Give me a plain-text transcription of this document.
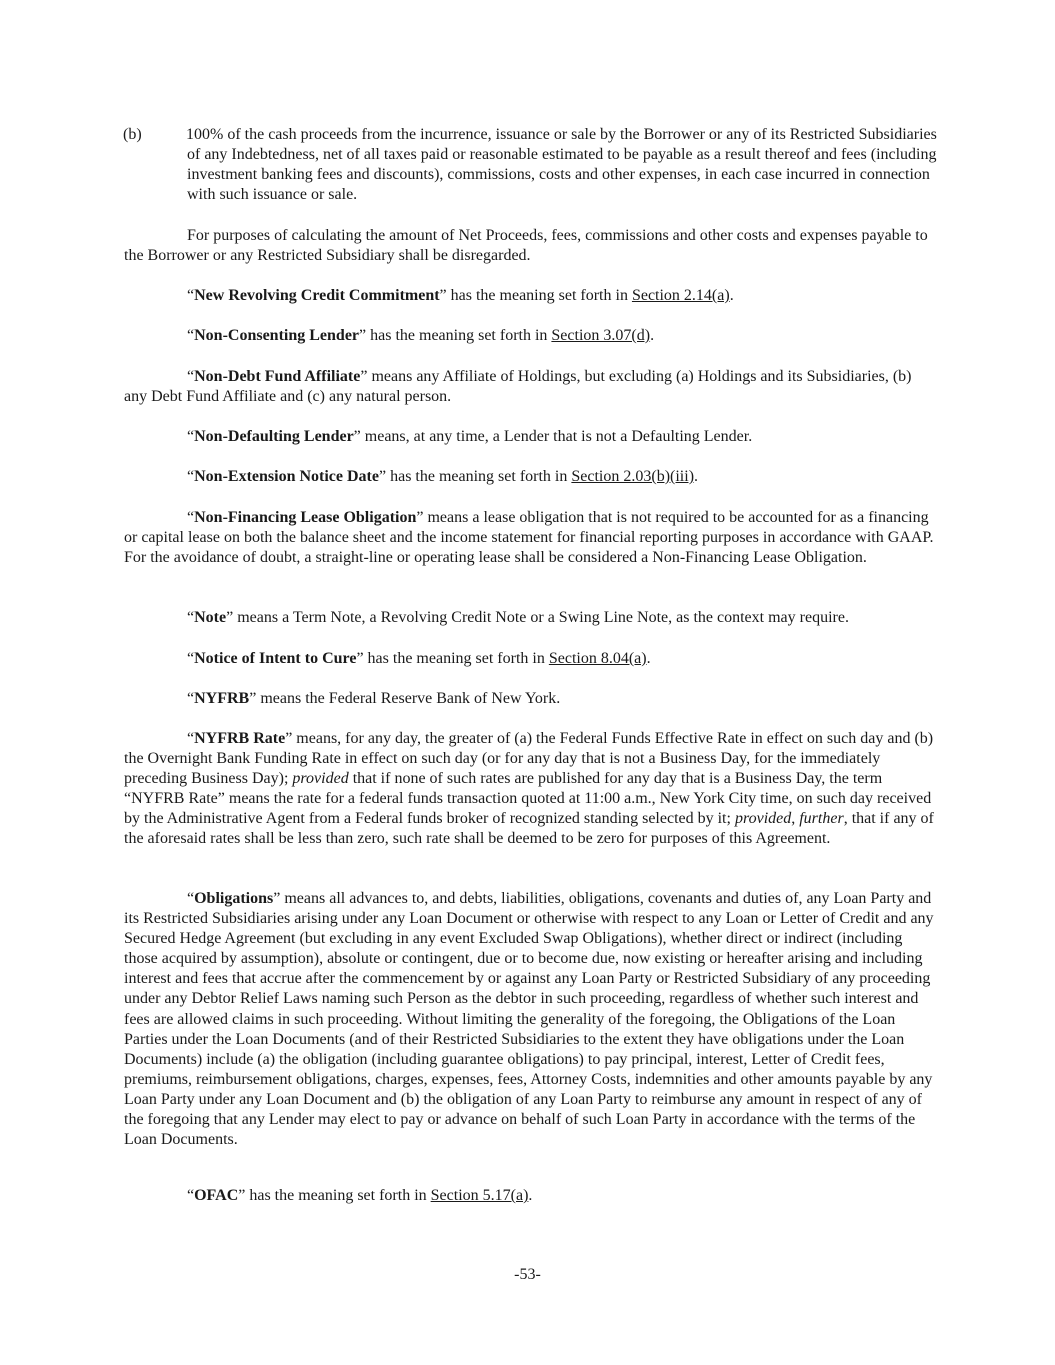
(b)	100% of the cash proceeds from the incurrence, issuance or sale by the Borrower or any of its Restricted Subsidiaries of any Indebtedness, net of all taxes paid or reasonable estimated to be payable as a result thereof and fees (including investment banking fees and discounts), commissions, costs and other expenses, in each case incurred in connection with such issuance or sale.

For purposes of calculating the amount of Net Proceeds, fees, commissions and other costs and expenses payable to the Borrower or any Restricted Subsidiary shall be disregarded.

“New Revolving Credit Commitment” has the meaning set forth in Section 2.14(a).

“Non-Consenting Lender” has the meaning set forth in Section 3.07(d).

“Non-Debt Fund Affiliate” means any Affiliate of Holdings, but excluding (a) Holdings and its Subsidiaries, (b) any Debt Fund Affiliate and (c) any natural person.

“Non-Defaulting Lender” means, at any time, a Lender that is not a Defaulting Lender.

“Non-Extension Notice Date” has the meaning set forth in Section 2.03(b)(iii).

“Non-Financing Lease Obligation” means a lease obligation that is not required to be accounted for as a financing or capital lease on both the balance sheet and the income statement for financial reporting purposes in accordance with GAAP. For the avoidance of doubt, a straight-line or operating lease shall be considered a Non-Financing Lease Obligation.

“Note” means a Term Note, a Revolving Credit Note or a Swing Line Note, as the context may require.

“Notice of Intent to Cure” has the meaning set forth in Section 8.04(a).

“NYFRB” means the Federal Reserve Bank of New York.

“NYFRB Rate” means, for any day, the greater of (a) the Federal Funds Effective Rate in effect on such day and (b) the Overnight Bank Funding Rate in effect on such day (or for any day that is not a Business Day, for the immediately preceding Business Day); provided that if none of such rates are published for any day that is a Business Day, the term “NYFRB Rate” means the rate for a federal funds transaction quoted at 11:00 a.m., New York City time, on such day received by the Administrative Agent from a Federal funds broker of recognized standing selected by it; provided, further, that if any of the aforesaid rates shall be less than zero, such rate shall be deemed to be zero for purposes of this Agreement.

“Obligations” means all advances to, and debts, liabilities, obligations, covenants and duties of, any Loan Party and its Restricted Subsidiaries arising under any Loan Document or otherwise with respect to any Loan or Letter of Credit and any Secured Hedge Agreement (but excluding in any event Excluded Swap Obligations), whether direct or indirect (including those acquired by assumption), absolute or contingent, due or to become due, now existing or hereafter arising and including interest and fees that accrue after the commencement by or against any Loan Party or Restricted Subsidiary of any proceeding under any Debtor Relief Laws naming such Person as the debtor in such proceeding, regardless of whether such interest and fees are allowed claims in such proceeding. Without limiting the generality of the foregoing, the Obligations of the Loan Parties under the Loan Documents (and of their Restricted Subsidiaries to the extent they have obligations under the Loan Documents) include (a) the obligation (including guarantee obligations) to pay principal, interest, Letter of Credit fees, premiums, reimbursement obligations, charges, expenses, fees, Attorney Costs, indemnities and other amounts payable by any Loan Party under any Loan Document and (b) the obligation of any Loan Party to reimburse any amount in respect of any of the foregoing that any Lender may elect to pay or advance on behalf of such Loan Party in accordance with the terms of the Loan Documents.

“OFAC” has the meaning set forth in Section 5.17(a).

-53-
